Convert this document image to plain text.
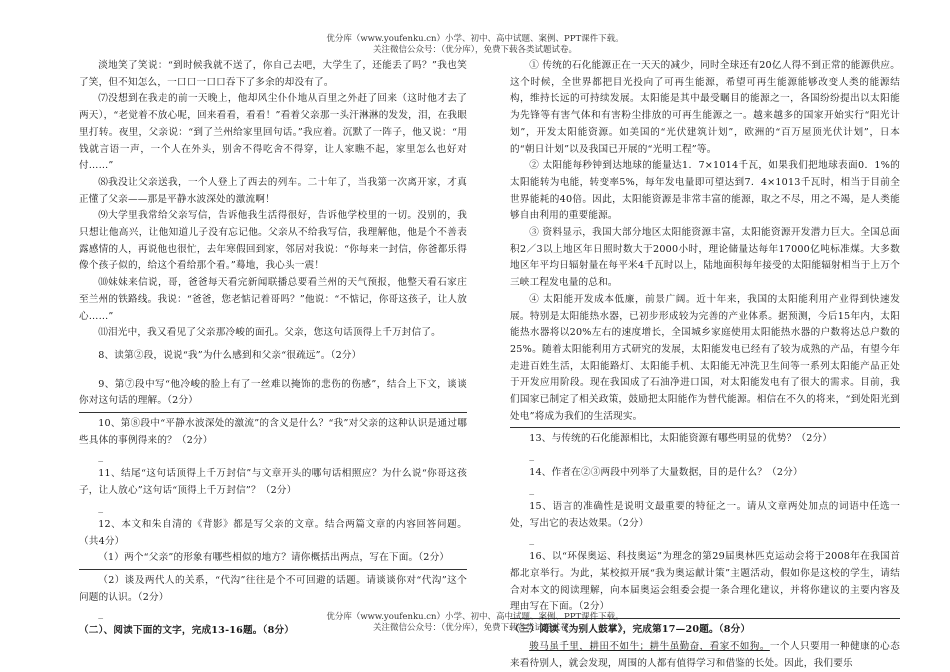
优分库（www.youfenku.cn）小学、初中、高中试题、案例、PPT课件下载。
关注微信公众号：（优分库），免费下载各类试题试卷。

淡地笑了笑说：“到时候我就不送了，你自己去吧，大学生了，还能丢了吗？”我也笑了笑，但不知怎么，一口口一口口吞下了多余的却没有了。

⑺没想到在我走的前一天晚上，他却风尘仆仆地从百里之外赶了回来（这时他才去了两天），“老觉着不放心呢，回来看看，看看！”看着父亲那一头汗淋淋的发发，泪，在我眼里打转。夜里，父亲说：“到了兰州给家里回句话。”我应着。沉默了一阵子，他又说：“用钱就言语一声，一个人在外头，别舍不得吃舍不得穿，让人家瞧不起，家里怎么也好对付……”

⑻我没让父亲送我，一个人登上了西去的列车。二十年了，当我第一次离开家，才真正懂了父亲——那是平静水波深处的激流啊！

⑼大学里我常给父亲写信，告诉他我生活得很好，告诉他学校里的一切。没别的，我只想让他高兴，让他知道儿子没有忘记他。父亲从不给我写信，我理解他，他是个不善表露感情的人，再说他也很忙，去年寒假回到家，邻居对我说：“你每来一封信，你爸都乐得像个孩子似的，给这个看给那个看。”蓦地，我心头一震！

⑽妹妹来信说，哥，爸爸每天看完新闻联播总要看兰州的天气预报，他整天看石家庄至兰州的铁路线。我说：“爸爸，您老惦记着哥吗？”他说：“不惦记，你哥这孩子，让人放心……”

⑾泪光中，我又看见了父亲那冷峻的面孔。父亲，您这句话顶得上千万封信了。

8、读第②段，说说“我”为什么感到和父亲“很疏远”。（2分）

9、第⑦段中写“他冷峻的脸上有了一丝难以掩饰的悲伤的伤感”，结合上下文，谈谈你对这句话的理解。（2分）

10、第⑧段中“平静水波深处的激流”的含义是什么？“我”对父亲的这种认识是通过哪些具体的事例得来的？（2分）

_

11、结尾“这句话顶得上千万封信”与文章开头的哪句话相照应？为什么说“你哥这孩子，让人放心”这句话“顶得上千万封信”？（2分）

_

12、本文和朱自清的《背影》都是写父亲的文章。结合两篇文章的内容回答问题。（共4分）

（1）两个“父亲”的形象有哪些相似的地方？请你概括出两点，写在下面。（2分）

（2）谈及两代人的关系，“代沟”往往是个不可回避的话题。请谈谈你对“代沟”这个问题的认识。（2分）

_

（二）、阅读下面的文字，完成13-16题。（8分）

① 传统的石化能源正在一天天的减少，同时全球还有20亿人得不到正常的能源供应。这个时候，全世界都把目光投向了可再生能源，希望可再生能源能够改变人类的能源结构，维持长远的可持续发展。太阳能是其中最受瞩目的能源之一，各国纷纷提出以太阳能为先锋等有害气体和有害粉尘排放的可再生能源之一。越来越多的国家开始实行“阳光计划”，开发太阳能资源。如美国的“光伏建筑计划”，欧洲的“百万屋顶光伏计划”，日本的“朝日计划”以及我国已开展的“光明工程”等。

② 太阳能每秒钟到达地球的能量达1．7×1014千瓦，如果我们把地球表面0．1%的太阳能转为电能，转变率5%，每年发电量即可望达到7．4×1013千瓦时，相当于目前全世界能耗的40倍。因此，太阳能资源是非常丰富的能源，取之不尽，用之不竭，是人类能够自由利用的重要能源。

③ 资料显示，我国大部分地区太阳能资源丰富，太阳能资源开发潜力巨大。全国总面积2／3以上地区年日照时数大于2000小时，理论储量达每年17000亿吨标准煤。大多数地区年平均日辐射量在每平米4千瓦时以上，陆地面积每年接受的太阳能辐射相当于上万个三峡工程发电量的总和。

④ 太阳能开发成本低廉，前景广阔。近十年来，我国的太阳能利用产业得到快速发展。特别是太阳能热水器，已初步形成较为完善的产业体系。据预测，今后15年内，太阳能热水器将以20%左右的速度增长，全国城乡家庭使用太阳能热水器的户数将达总户数的25%。随着太阳能利用方式研究的发展，太阳能发电已经有了较为成熟的产品，有望今年走进百姓生活，太阳能路灯、太阳能手机、太阳能无冲洗卫生间等一系列太阳能产品正处于开发应用阶段。现在我国成了石油净进口国，对太阳能发电有了很大的需求。目前，我们国家已制定了相关政策，鼓励把太阳能作为替代能源。相信在不久的将来，“到处阳光到处电”将成为我们的生活现实。

13、与传统的石化能源相比，太阳能资源有哪些明显的优势？（2分）

_

14、作者在②③两段中列举了大量数据，目的是什么？（2分）

_

15、语言的准确性是说明文最重要的特征之一。请从文章两处加点的词语中任选一处，写出它的表达效果。（2分）

_

16、以“环保奥运、科技奥运”为理念的第29届奥林匹克运动会将于2008年在我国首都北京举行。为此，某校拟开展“我为奥运献计策”主题活动，假如你是这校的学生，请结合对本文的阅读理解，向本届奥运会组委会提一条合理化建议，并将你建议的主要内容及理由写在下面。（2分）

（三）阅读《为别人鼓掌》，完成第17—20题。（8分）

骏马虽千里，耕田不如牛；耕牛虽勤奋，看家不如狗。一个人只要用一种健康的心态来看待别人，就会发现，周围的人都有值得学习和借鉴的长处。因此，我们要乐

优分库（www.youfenku.cn）小学、初中、高中试题、案例、PPT课件下载。
关注微信公众号：（优分库），免费下载各类试题试卷。
